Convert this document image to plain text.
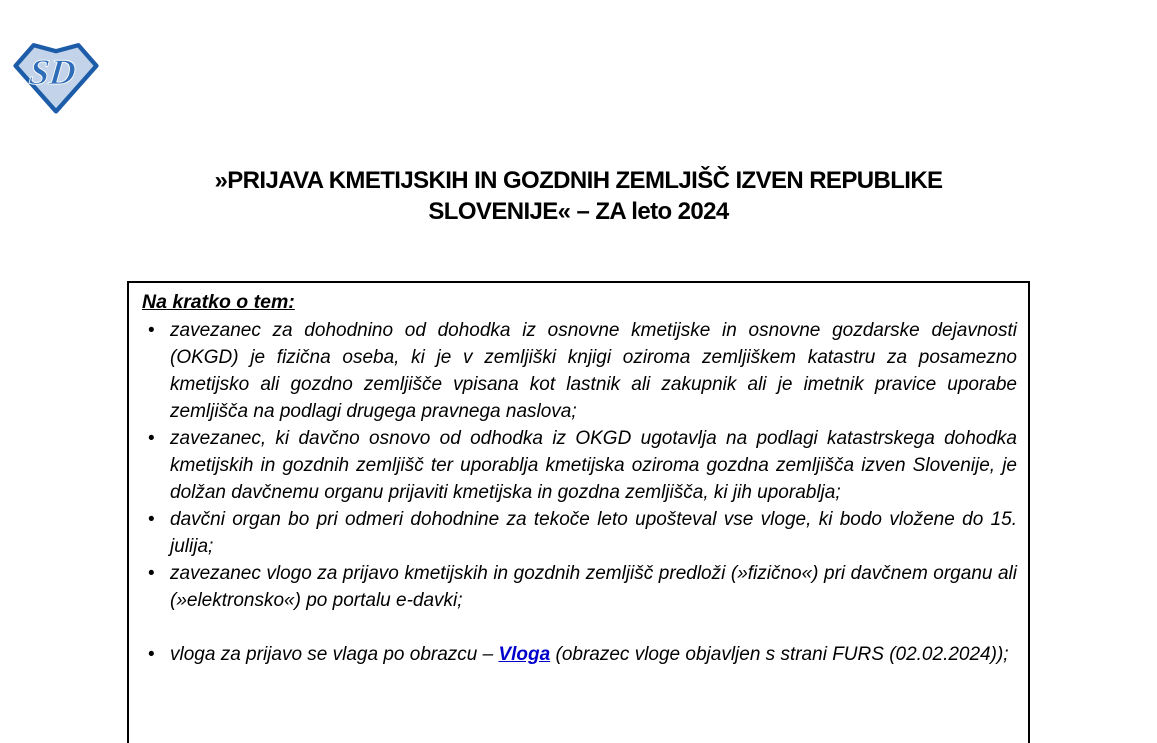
SD
»PRIJAVA KMETIJSKIH IN GOZDNIH ZEMLJIŠČ IZVEN REPUBLIKE
SLOVENIJE« – ZA leto 2024
Na kratko o tem:
• zavezanec za dohodnino od dohodka iz osnovne kmetijske in osnovne gozdarske dejavnosti (OKGD) je fizična oseba, ki je v zemljiški knjigi oziroma zemljiškem katastru za posamezno kmetijsko ali gozdno zemljišče vpisana kot lastnik ali zakupnik ali je imetnik pravice uporabe zemljišča na podlagi drugega pravnega naslova;
• zavezanec, ki davčno osnovo od odhodka iz OKGD ugotavlja na podlagi katastrskega dohodka kmetijskih in gozdnih zemljišč ter uporablja kmetijska oziroma gozdna zemljišča izven Slovenije, je dolžan davčnemu organu prijaviti kmetijska in gozdna zemljišča, ki jih uporablja;
• davčni organ bo pri odmeri dohodnine za tekoče leto upošteval vse vloge, ki bodo vložene do 15. julija;
• zavezanec vlogo za prijavo kmetijskih in gozdnih zemljišč predloži (»fizično«) pri davčnem organu ali (»elektronsko«) po portalu e-davki;
• vloga za prijavo se vlaga po obrazcu – Vloga (obrazec vloge objavljen s strani FURS (02.02.2024));
